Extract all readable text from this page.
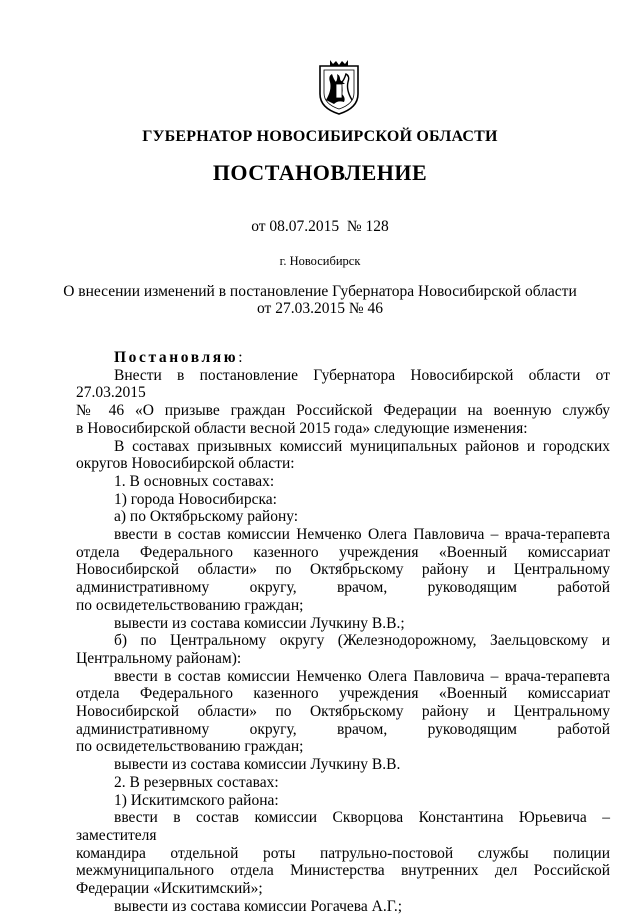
ГУБЕРНАТОР НОВОСИБИРСКОЙ ОБЛАСТИ
ПОСТАНОВЛЕНИЕ
от 08.07.2015  № 128
г. Новосибирск
О внесении изменений в постановление Губернатора Новосибирской области
от 27.03.2015 № 46

Постановляю:

Внести в постановление Губернатора Новосибирской области от 27.03.2015

№ 46 «О призыве граждан Российской Федерации на военную службу

в Новосибирской области весной 2015 года» следующие изменения:

В составах призывных комиссий муниципальных районов и городских

округов Новосибирской области:

1. В основных составах:

1) города Новосибирска:

а) по Октябрьскому району:

ввести в состав комиссии Немченко Олега Павловича – врача-терапевта

отдела Федерального казенного учреждения «Военный комиссариат

Новосибирской области» по Октябрьскому району и Центральному

административному округу, врачом, руководящим работой

по освидетельствованию граждан;

вывести из состава комиссии Лучкину В.В.;

б) по Центральному округу (Железнодорожному, Заельцовскому и

Центральному районам):

ввести в состав комиссии Немченко Олега Павловича – врача-терапевта

отдела Федерального казенного учреждения «Военный комиссариат

Новосибирской области» по Октябрьскому району и Центральному

административному округу, врачом, руководящим работой

по освидетельствованию граждан;

вывести из состава комиссии Лучкину В.В.

2. В резервных составах:

1) Искитимского района:

ввести в состав комиссии Скворцова Константина Юрьевича – заместителя

командира отдельной роты патрульно-постовой службы полиции

межмуниципального отдела Министерства внутренних дел Российской

Федерации «Искитимский»;

вывести из состава комиссии Рогачева А.Г.;
